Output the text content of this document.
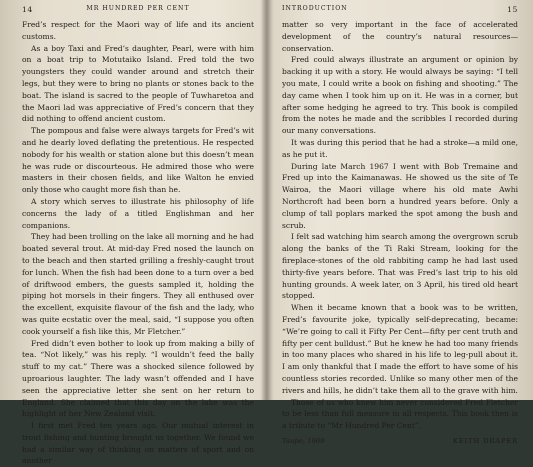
14	MR HUNDRED PER CENT

Fred’s respect for the Maori way of life and its ancient customs.

As a boy Taxi and Fred’s daughter, Pearl, were with him on a boat trip to Motutaiko Island. Fred told the two youngsters they could wander around and stretch their legs, but they were to bring no plants or stones back to the boat. The island is sacred to the people of Tuwharetoa and the Maori lad was appreciative of Fred’s concern that they did nothing to offend ancient custom.

The pompous and false were always targets for Fred’s wit and he dearly loved deflating the pretentious. He respected nobody for his wealth or station alone but this doesn’t mean he was rude or discourteous. He admired those who were masters in their chosen fields, and like Walton he envied only those who caught more fish than he.

A story which serves to illustrate his philosophy of life concerns the lady of a titled Englishman and her companions.

They had been trolling on the lake all morning and he had boated several trout. At mid-day Fred nosed the launch on to the beach and then started grilling a freshly-caught trout for lunch. When the fish had been done to a turn over a bed of driftwood embers, the guests sampled it, holding the piping hot morsels in their fingers. They all enthused over the excellent, exquisite flavour of the fish and the lady, who was quite ecstatic over the meal, said, “I suppose you often cook yourself a fish like this, Mr Fletcher.”

Fred didn’t even bother to look up from making a billy of tea. “Not likely,” was his reply. “I wouldn’t feed the bally stuff to my cat.” There was a shocked silence followed by uproarious laughter. The lady wasn’t offended and I have seen the appreciative letter she sent on her return to England. She claimed that this day on the lake was the highlight of her New Zealand visit.

I first met Fred ten years ago. Our mutual interest in trout fishing and hunting brought us together. We found we had a similar way of thinking on matters of sport and on another

INTRODUCTION	15

matter so very important in the face of accelerated development of the country’s natural resources—conservation.

Fred could always illustrate an argument or opinion by backing it up with a story. He would always be saying: “I tell you mate, I could write a book on fishing and shooting.” The day came when I took him up on it. He was in a corner, but after some hedging he agreed to try. This book is compiled from the notes he made and the scribbles I recorded during our many conversations.

It was during this period that he had a stroke—a mild one, as he put it.

During late March 1967 I went with Bob Tremaine and Fred up into the Kaimanawas. He showed us the site of Te Wairoa, the Maori village where his old mate Awhi Northcroft had been born a hundred years before. Only a clump of tall poplars marked the spot among the bush and scrub.

I felt sad watching him search among the overgrown scrub along the banks of the Ti Raki Stream, looking for the fireplace-stones of the old rabbiting camp he had last used thirty-five years before. That was Fred’s last trip to his old hunting grounds. A week later, on 3 April, his tired old heart stopped.

When it became known that a book was to be written, Fred’s favourite joke, typically self-deprecating, became: “We’re going to call it Fifty Per Cent—fifty per cent truth and fifty per cent bulldust.” But he knew he had too many friends in too many places who shared in his life to leg-pull about it. I am only thankful that I made the effort to have some of his countless stories recorded. Unlike so many other men of the rivers and hills, he didn’t take them all to the grave with him.

Those of us who knew him never considered Fred Fletcher to be less than full measure in all respects. This book then is a tribute to “Mr Hundred Per Cent”.

Taupo, 1969	KEITH DRAPER
